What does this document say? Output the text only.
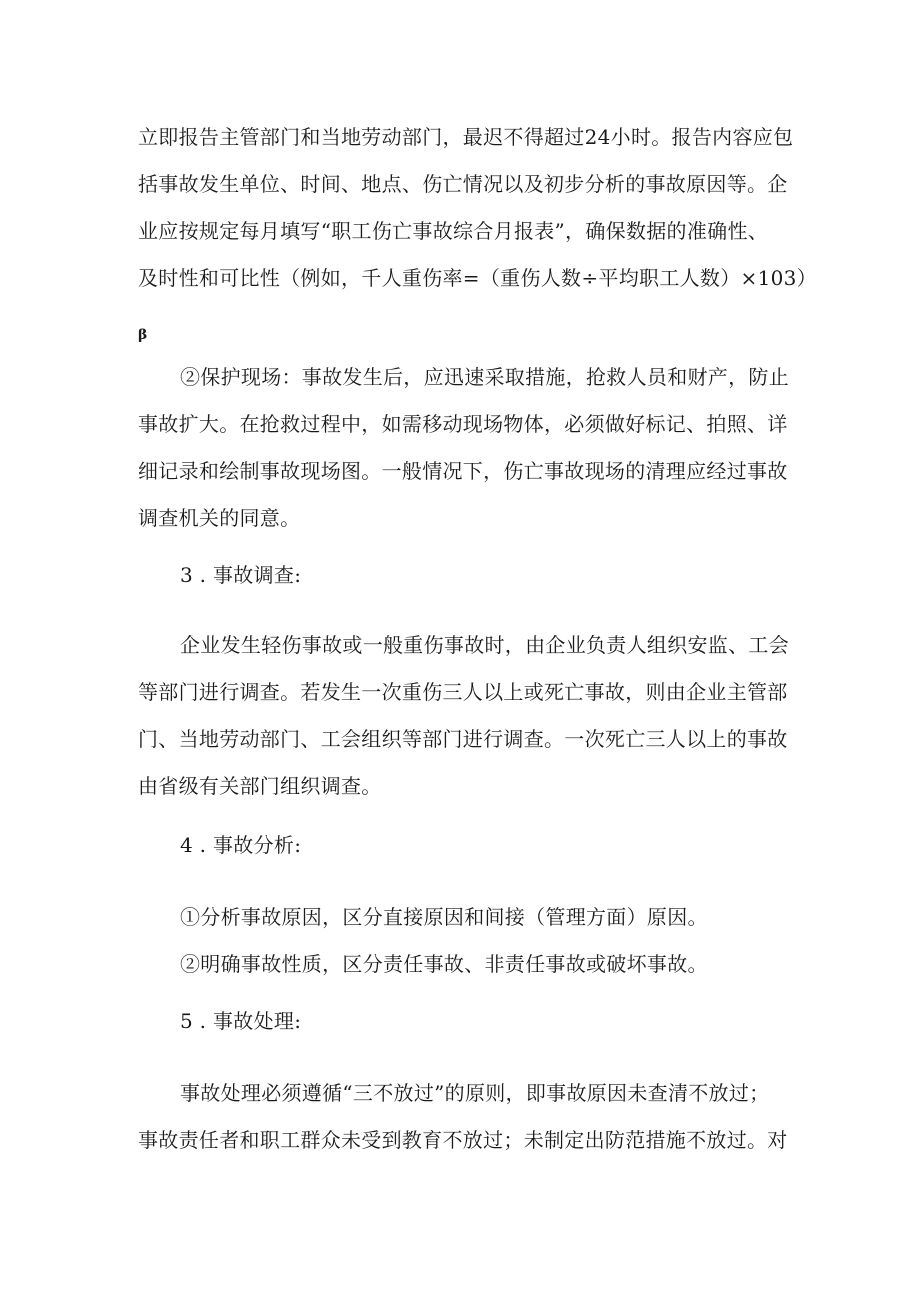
立即报告主管部门和当地劳动部门，最迟不得超过24小时。报告内容应包
括事故发生单位、时间、地点、伤亡情况以及初步分析的事故原因等。企
业应按规定每月填写“职工伤亡事故综合月报表”，确保数据的准确性、
及时性和可比性（例如，千人重伤率=（重伤人数÷平均职工人数）×103）
β
②保护现场：事故发生后，应迅速采取措施，抢救人员和财产，防止
事故扩大。在抢救过程中，如需移动现场物体，必须做好标记、拍照、详
细记录和绘制事故现场图。一般情况下，伤亡事故现场的清理应经过事故
调查机关的同意。
3 . 事故调查:
企业发生轻伤事故或一般重伤事故时，由企业负责人组织安监、工会
等部门进行调查。若发生一次重伤三人以上或死亡事故，则由企业主管部
门、当地劳动部门、工会组织等部门进行调查。一次死亡三人以上的事故
由省级有关部门组织调查。
4 . 事故分析:
①分析事故原因，区分直接原因和间接（管理方面）原因。
②明确事故性质，区分责任事故、非责任事故或破坏事故。
5 . 事故处理:
事故处理必须遵循“三不放过”的原则，即事故原因未查清不放过；
事故责任者和职工群众未受到教育不放过；未制定出防范措施不放过。对
